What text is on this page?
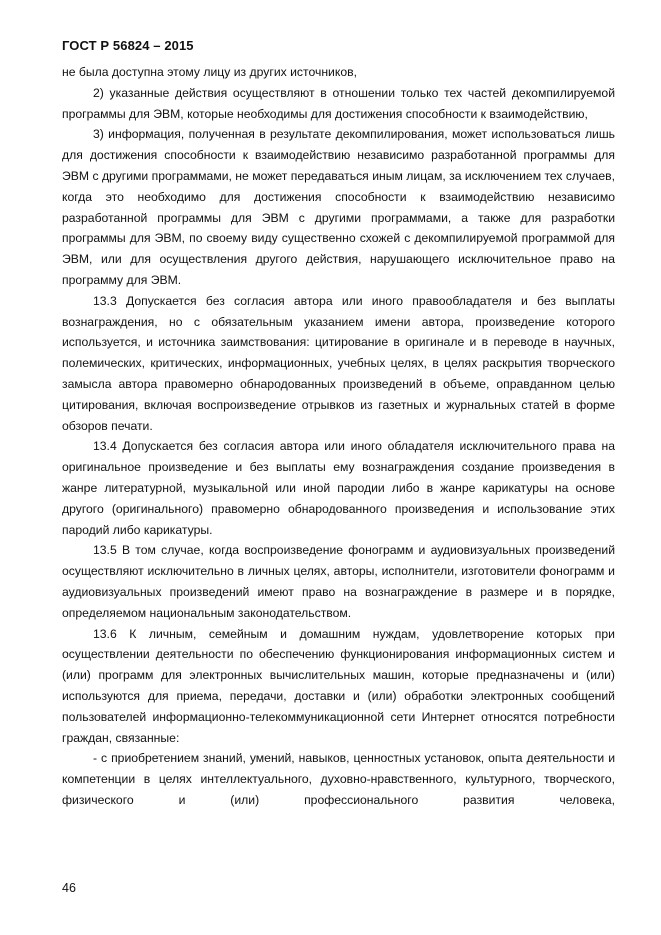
ГОСТ Р 56824 – 2015

не была доступна этому лицу из других источников,

2) указанные действия осуществляют в отношении только тех частей декомпилируемой программы для ЭВМ, которые необходимы для достижения способности к взаимодействию,

3) информация, полученная в результате декомпилирования, может использоваться лишь для достижения способности к взаимодействию независимо разработанной программы для ЭВМ с другими программами, не может передаваться иным лицам, за исключением тех случаев, когда это необходимо для достижения способности к взаимодействию независимо разработанной программы для ЭВМ с другими программами, а также для разработки программы для ЭВМ, по своему виду существенно схожей с декомпилируемой программой для ЭВМ, или для осуществления другого действия, нарушающего исключительное право на программу для ЭВМ.

13.3 Допускается без согласия автора или иного правообладателя и без выплаты вознаграждения, но с обязательным указанием имени автора, произведение которого используется, и источника заимствования: цитирование в оригинале и в переводе в научных, полемических, критических, информационных, учебных целях, в целях раскрытия творческого замысла автора правомерно обнародованных произведений в объеме, оправданном целью цитирования, включая воспроизведение отрывков из газетных и журнальных статей в форме обзоров печати.

13.4 Допускается без согласия автора или иного обладателя исключительного права на оригинальное произведение и без выплаты ему вознаграждения создание произведения в жанре литературной, музыкальной или иной пародии либо в жанре карикатуры на основе другого (оригинального) правомерно обнародованного произведения и использование этих пародий либо карикатуры.

13.5 В том случае, когда воспроизведение фонограмм и аудиовизуальных произведений осуществляют исключительно в личных целях, авторы, исполнители, изготовители фонограмм и аудиовизуальных произведений имеют право на вознаграждение в размере и в порядке, определяемом национальным законодательством.

13.6 К личным, семейным и домашним нуждам, удовлетворение которых при осуществлении деятельности по обеспечению функционирования информационных систем и (или) программ для электронных вычислительных машин, которые предназначены и (или) используются для приема, передачи, доставки и (или) обработки электронных сообщений пользователей информационно-телекоммуникационной сети Интернет относятся потребности граждан, связанные:

- с приобретением знаний, умений, навыков, ценностных установок, опыта деятельности и компетенции в целях интеллектуального, духовно-нравственного, культурного, творческого, физического и (или) профессионального развития человека,

46
